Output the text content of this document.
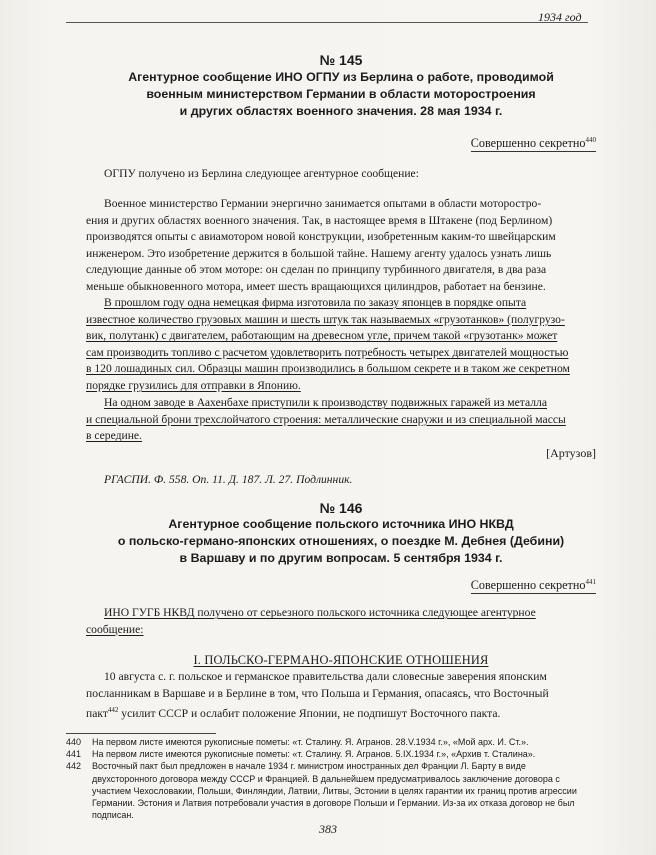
1934 год
№ 145
Агентурное сообщение ИНО ОГПУ из Берлина о работе, проводимой
военным министерством Германии в области моторостроения
и других областях военного значения. 28 мая 1934 г.
Совершенно секретно$^{440}$
ОГПУ получено из Берлина следующее агентурное сообщение:
Военное министерство Германии энергично занимается опытами в области моторостро-
ения и других областях военного значения. Так, в настоящее время в Штакене (под Берлином)
производятся опыты с авиамотором новой конструкции, изобретенным каким-то швейцарским
инженером. Это изобретение держится в большой тайне. Нашему агенту удалось узнать лишь
следующие данные об этом моторе: он сделан по принципу турбинного двигателя, в два раза
меньше обыкновенного мотора, имеет шесть вращающихся цилиндров, работает на бензине.
В прошлом году одна немецкая фирма изготовила по заказу японцев в порядке опыта
известное количество грузовых машин и шесть штук так называемых «грузотанков» (полугрузо-
вик, полутанк) с двигателем, работающим на древесном угле, причем такой «грузотанк» может
сам производить топливо с расчетом удовлетворить потребность четырех двигателей мощностью
в 120 лошадиных сил. Образцы машин производились в большом секрете и в таком же секретном
порядке грузились для отправки в Японию.
На одном заводе в Аахенбахе приступили к производству подвижных гаражей из металла
и специальной брони трехслойчатого строения: металлические снаружи и из специальной массы
в середине.
[Артузов]
РГАСПИ. Ф. 558. Оп. 11. Д. 187. Л. 27. Подлинник.
№ 146
Агентурное сообщение польского источника ИНО НКВД
о польско-германо-японских отношениях, о поездке М. Дебнея (Дебини)
в Варшаву и по другим вопросам. 5 сентября 1934 г.
Совершенно секретно$^{441}$
ИНО ГУГБ НКВД получено от серьезного польского источника следующее агентурное
сообщение:
I. ПОЛЬСКО-ГЕРМАНО-ЯПОНСКИЕ ОТНОШЕНИЯ
10 августа с. г. польское и германское правительства дали словесные заверения японским
посланникам в Варшаве и в Берлине в том, что Польша и Германия, опасаясь, что Восточный
пакт$^{442}$ усилит СССР и ослабит положение Японии, не подпишут Восточного пакта.
440	На первом листе имеются рукописные пометы: «т. Сталину. Я. Агранов. 28.V.1934 г.», «Мой арх. И. Ст.».
441	На первом листе имеются рукописные пометы: «т. Сталину. Я. Агранов. 5.IX.1934 г.», «Архив т. Сталина».
442	Восточный пакт был предложен в начале 1934 г. министром иностранных дел Франции Л. Барту в виде двухсторонного договора между СССР и Францией. В дальнейшем предусматривалось заключение договора с участием Чехословакии, Польши, Финляндии, Латвии, Литвы, Эстонии в целях гарантии их границ против агрессии Германии. Эстония и Латвия потребовали участия в договоре Польши и Германии. Из-за их отказа договор не был подписан.
383
